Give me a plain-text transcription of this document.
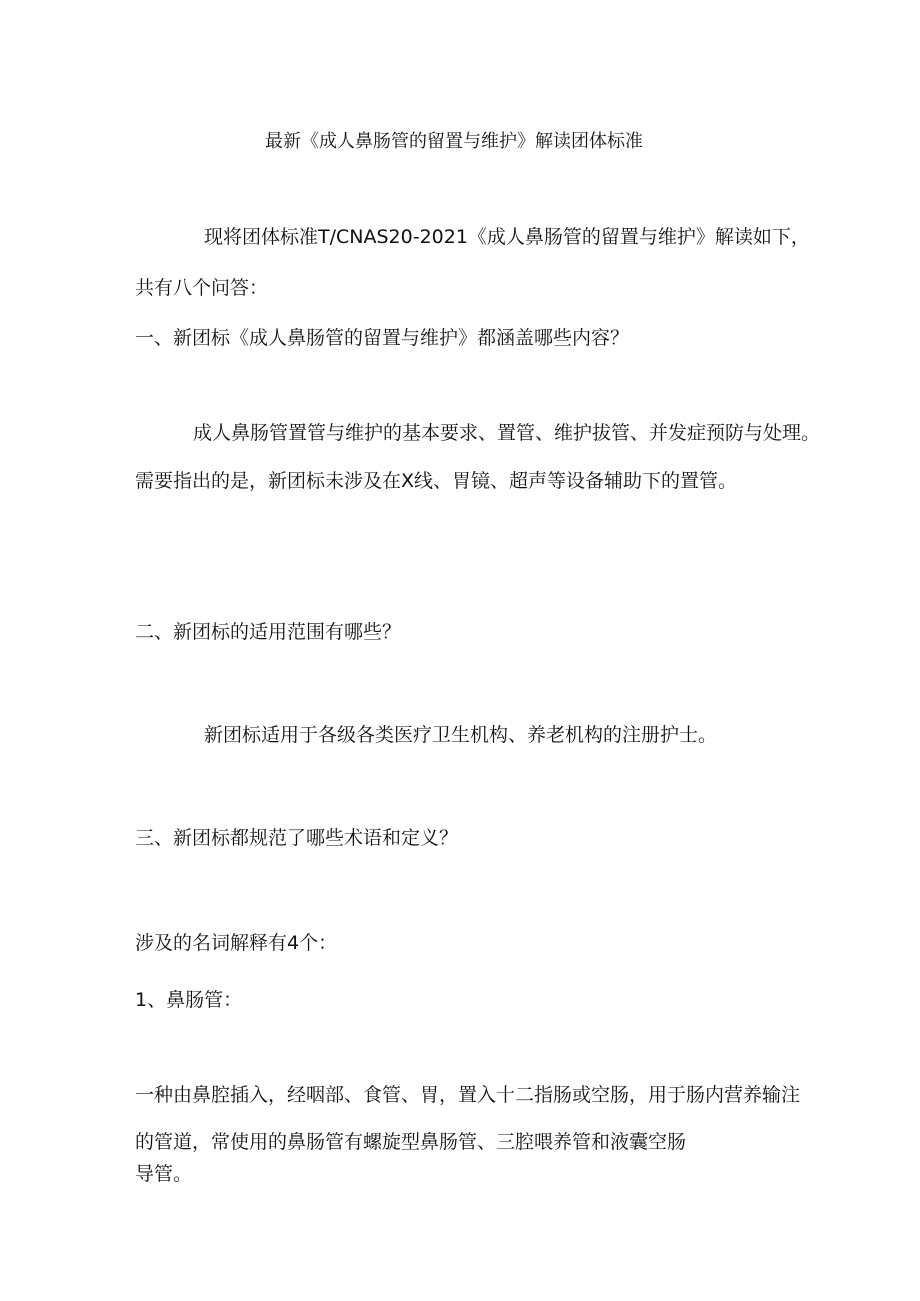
最新《成人鼻肠管的留置与维护》解读团体标准
现将团体标准T/CNAS20-2021《成人鼻肠管的留置与维护》解读如下，
共有八个问答：
一、新团标《成人鼻肠管的留置与维护》都涵盖哪些内容？
成人鼻肠管置管与维护的基本要求、置管、维护拔管、并发症预防与处理。
需要指出的是，新团标未涉及在X线、胃镜、超声等设备辅助下的置管。
二、新团标的适用范围有哪些？
新团标适用于各级各类医疗卫生机构、养老机构的注册护士。
三、新团标都规范了哪些术语和定义？
涉及的名词解释有4个：
1、鼻肠管：
一种由鼻腔插入，经咽部、食管、胃，置入十二指肠或空肠，用于肠内营养输注
的管道，常使用的鼻肠管有螺旋型鼻肠管、三腔喂养管和液囊空肠
导管。
